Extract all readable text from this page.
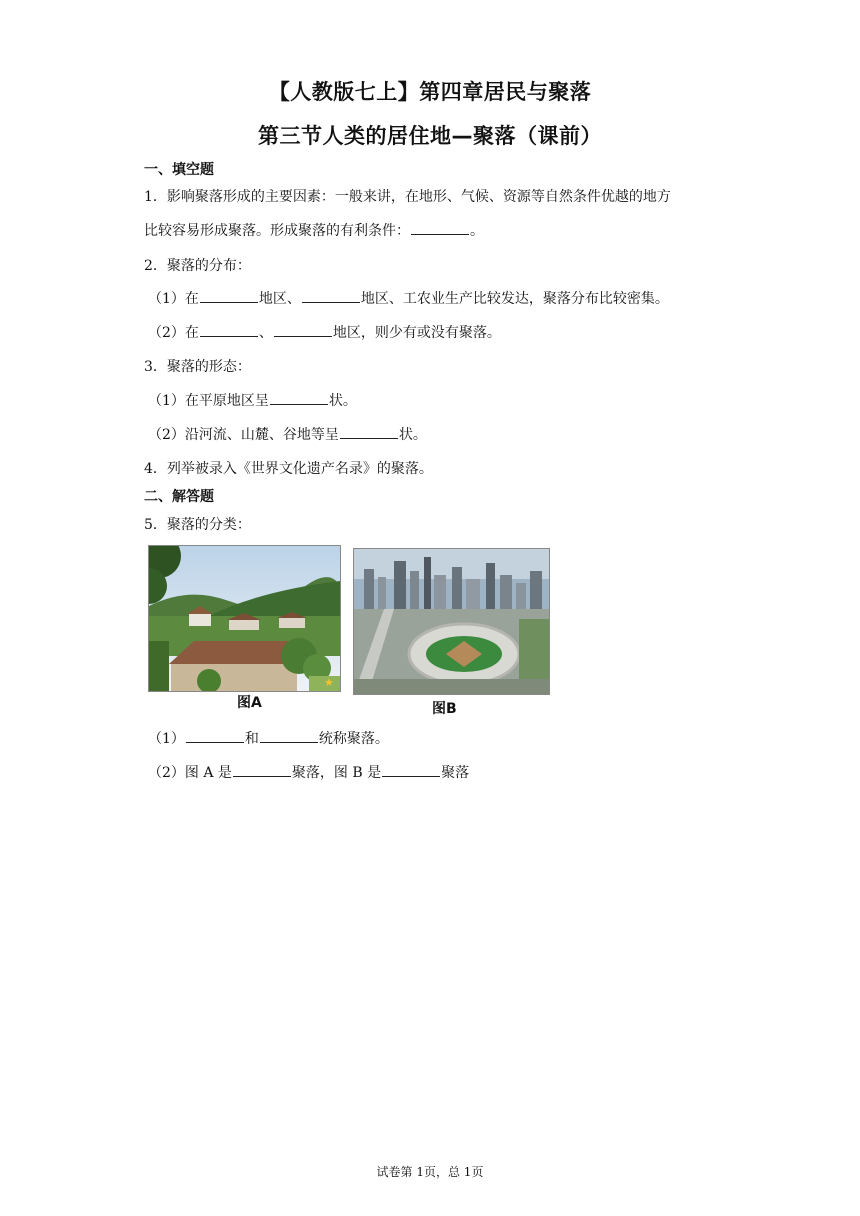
【人教版七上】第四章居民与聚落
第三节人类的居住地—聚落（课前）
一、填空题
1．影响聚落形成的主要因素：一般来讲，在地形、气候、资源等自然条件优越的地方
比较容易形成聚落。形成聚落的有利条件：	。
2．聚落的分布：
（1）在	地区、	地区、工农业生产比较发达，聚落分布比较密集。
（2）在	、	地区，则少有或没有聚落。
3．聚落的形态：
（1）在平原地区呈	状。
（2）沿河流、山麓、谷地等呈	状。
4．列举被录入《世界文化遗产名录》的聚落。
二、解答题
5．聚落的分类：
★
图A	图B
（1）	和	统称聚落。
（2）图 A 是	聚落，图 B 是	聚落
试卷第 1页，总 1页
